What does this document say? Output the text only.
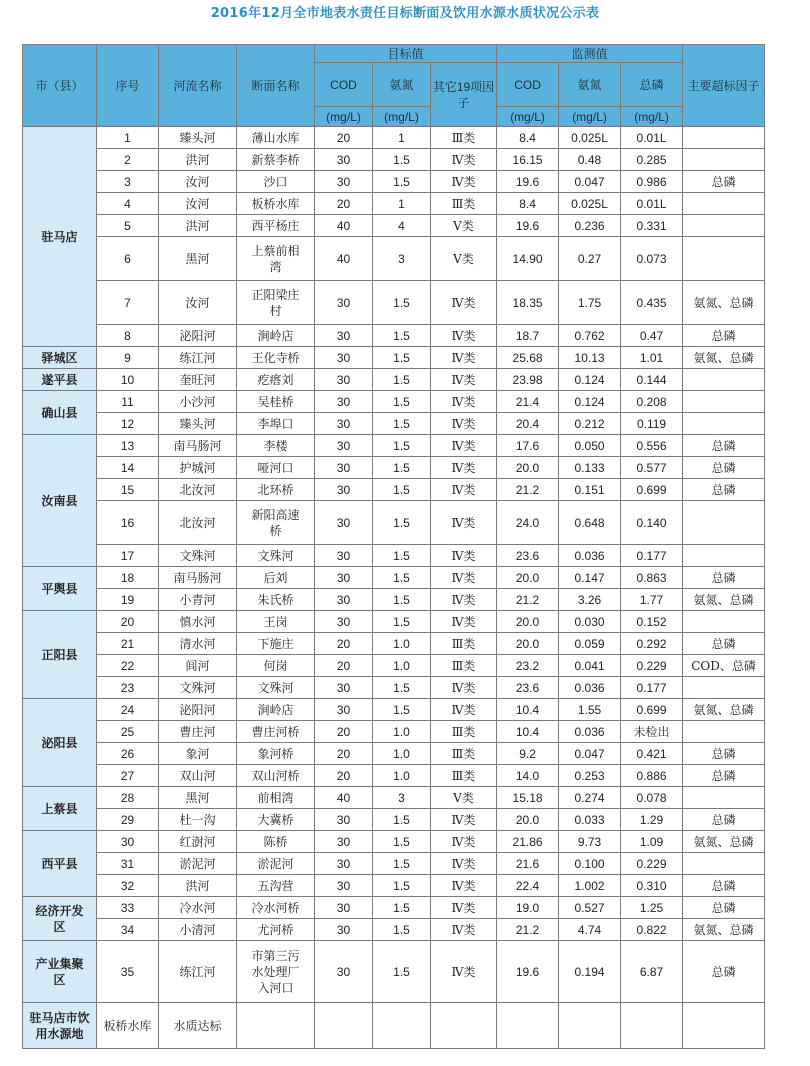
2016年12月全市地表水责任目标断面及饮用水源水质状况公示表
市（县）	序号	河流名称	断面名称	目标值			监测值			主要超标因子
				COD	氨氮	其它19项因子	COD	氨氮	总磷	
				(mg/L)	(mg/L)		(mg/L)	(mg/L)	(mg/L)	
驻马店	1	臻头河	薄山水库	20	1	Ⅲ类	8.4	0.025L	0.01L	
	2	洪河	新蔡李桥	30	1.5	Ⅳ类	16.15	0.48	0.285	
	3	汝河	沙口	30	1.5	Ⅳ类	19.6	0.047	0.986	总磷
	4	汝河	板桥水库	20	1	Ⅲ类	8.4	0.025L	0.01L	
	5	洪河	西平杨庄	40	4	Ⅴ类	19.6	0.236	0.331	
	6	黑河	上蔡前相湾	40	3	Ⅴ类	14.90	0.27	0.073	
	7	汝河	正阳梁庄村	30	1.5	Ⅳ类	18.35	1.75	0.435	氨氮、总磷
	8	泌阳河	涧岭店	30	1.5	Ⅳ类	18.7	0.762	0.47	总磷
驿城区	9	练江河	王化寺桥	30	1.5	Ⅳ类	25.68	10.13	1.01	氨氮、总磷
遂平县	10	奎旺河	疙瘩刘	30	1.5	Ⅳ类	23.98	0.124	0.144	
确山县	11	小沙河	吴桂桥	30	1.5	Ⅳ类	21.4	0.124	0.208	
	12	臻头河	李埠口	30	1.5	Ⅳ类	20.4	0.212	0.119	
汝南县	13	南马肠河	李楼	30	1.5	Ⅳ类	17.6	0.050	0.556	总磷
	14	护城河	哑河口	30	1.5	Ⅳ类	20.0	0.133	0.577	总磷
	15	北汝河	北环桥	30	1.5	Ⅳ类	21.2	0.151	0.699	总磷
	16	北汝河	新阳高速桥	30	1.5	Ⅳ类	24.0	0.648	0.140	
	17	文殊河	文殊河	30	1.5	Ⅳ类	23.6	0.036	0.177	
平舆县	18	南马肠河	后刘	30	1.5	Ⅳ类	20.0	0.147	0.863	总磷
	19	小青河	朱氏桥	30	1.5	Ⅳ类	21.2	3.26	1.77	氨氮、总磷
正阳县	20	慎水河	王岗	30	1.5	Ⅳ类	20.0	0.030	0.152	
	21	清水河	下施庄	20	1.0	Ⅲ类	20.0	0.059	0.292	总磷
	22	闾河	何岗	20	1.0	Ⅲ类	23.2	0.041	0.229	COD、总磷
	23	文殊河	文殊河	30	1.5	Ⅳ类	23.6	0.036	0.177	
泌阳县	24	泌阳河	涧岭店	30	1.5	Ⅳ类	10.4	1.55	0.699	氨氮、总磷
	25	曹庄河	曹庄河桥	20	1.0	Ⅲ类	10.4	0.036	未检出	
	26	象河	象河桥	20	1.0	Ⅲ类	9.2	0.047	0.421	总磷
	27	双山河	双山河桥	20	1.0	Ⅲ类	14.0	0.253	0.886	总磷
上蔡县	28	黑河	前相湾	40	3	Ⅴ类	15.18	0.274	0.078	
	29	杜一沟	大冀桥	30	1.5	Ⅳ类	20.0	0.033	1.29	总磷
西平县	30	红澍河	陈桥	30	1.5	Ⅳ类	21.86	9.73	1.09	氨氮、总磷
	31	淤泥河	淤泥河	30	1.5	Ⅳ类	21.6	0.100	0.229	
	32	洪河	五沟营	30	1.5	Ⅳ类	22.4	1.002	0.310	总磷
经济开发区	33	冷水河	冷水河桥	30	1.5	Ⅳ类	19.0	0.527	1.25	总磷
	34	小清河	尤河桥	30	1.5	Ⅳ类	21.2	4.74	0.822	氨氮、总磷
产业集聚区	35	练江河	市第三污水处理厂入河口	30	1.5	Ⅳ类	19.6	0.194	6.87	总磷
驻马店市饮用水源地	板桥水库	水质达标								
